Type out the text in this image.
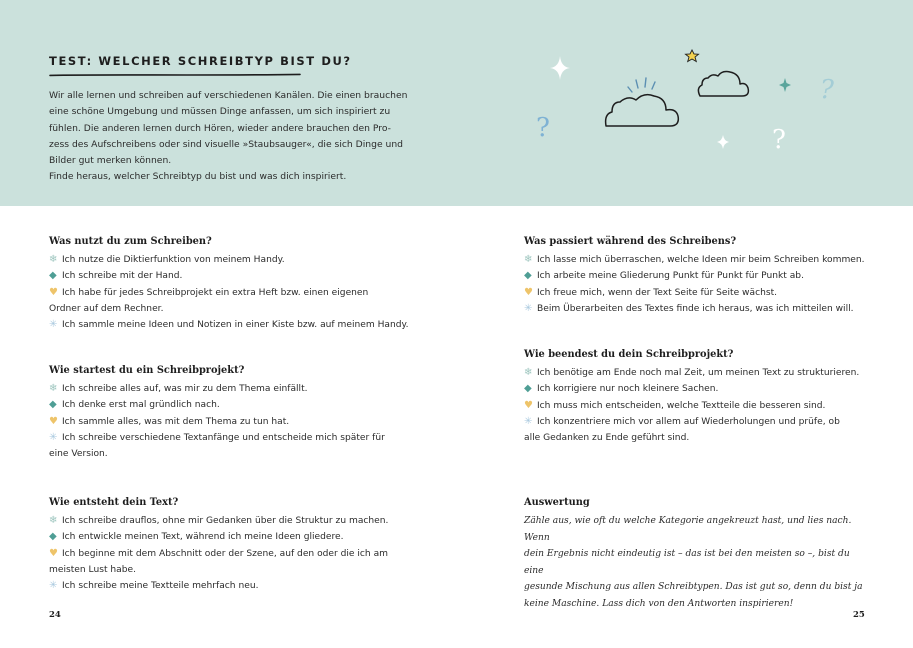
TEST: WELCHER SCHREIBTYP BIST DU?

Wir alle lernen und schreiben auf verschiedenen Kanälen. Die einen brauchen

eine schöne Umgebung und müssen Dinge anfassen, um sich inspiriert zu

fühlen. Die anderen lernen durch Hören, wieder andere brauchen den Pro-

zess des Aufschreibens oder sind visuelle »Staubsauger«, die sich Dinge und

Bilder gut merken können.

Finde heraus, welcher Schreibtyp du bist und was dich inspiriert.

?	?
?
Was nutzt du zum Schreiben?
❄ Ich nutze die Diktierfunktion von meinem Handy.
◆ Ich schreibe mit der Hand.
♥ Ich habe für jedes Schreibprojekt ein extra Heft bzw. einen eigenen
Ordner auf dem Rechner.
✳ Ich sammle meine Ideen und Notizen in einer Kiste bzw. auf meinem Handy.
Wie startest du ein Schreibprojekt?
❄ Ich schreibe alles auf, was mir zu dem Thema einfällt.
◆ Ich denke erst mal gründlich nach.
♥ Ich sammle alles, was mit dem Thema zu tun hat.
✳ Ich schreibe verschiedene Textanfänge und entscheide mich später für
eine Version.
Wie entsteht dein Text?
❄ Ich schreibe drauflos, ohne mir Gedanken über die Struktur zu machen.
◆ Ich entwickle meinen Text, während ich meine Ideen gliedere.
♥ Ich beginne mit dem Abschnitt oder der Szene, auf den oder die ich am
meisten Lust habe.
✳ Ich schreibe meine Textteile mehrfach neu.
Was passiert während des Schreibens?
❄ Ich lasse mich überraschen, welche Ideen mir beim Schreiben kommen.
◆ Ich arbeite meine Gliederung Punkt für Punkt für Punkt ab.
♥ Ich freue mich, wenn der Text Seite für Seite wächst.
✳ Beim Überarbeiten des Textes finde ich heraus, was ich mitteilen will.
Wie beendest du dein Schreibprojekt?
❄ Ich benötige am Ende noch mal Zeit, um meinen Text zu strukturieren.
◆ Ich korrigiere nur noch kleinere Sachen.
♥ Ich muss mich entscheiden, welche Textteile die besseren sind.
✳ Ich konzentriere mich vor allem auf Wiederholungen und prüfe, ob
alle Gedanken zu Ende geführt sind.
Auswertung
Zähle aus, wie oft du welche Kategorie angekreuzt hast, und lies nach. Wenn
dein Ergebnis nicht eindeutig ist – das ist bei den meisten so –, bist du eine
gesunde Mischung aus allen Schreibtypen. Das ist gut so, denn du bist ja
keine Maschine. Lass dich von den Antworten inspirieren!
24	25
